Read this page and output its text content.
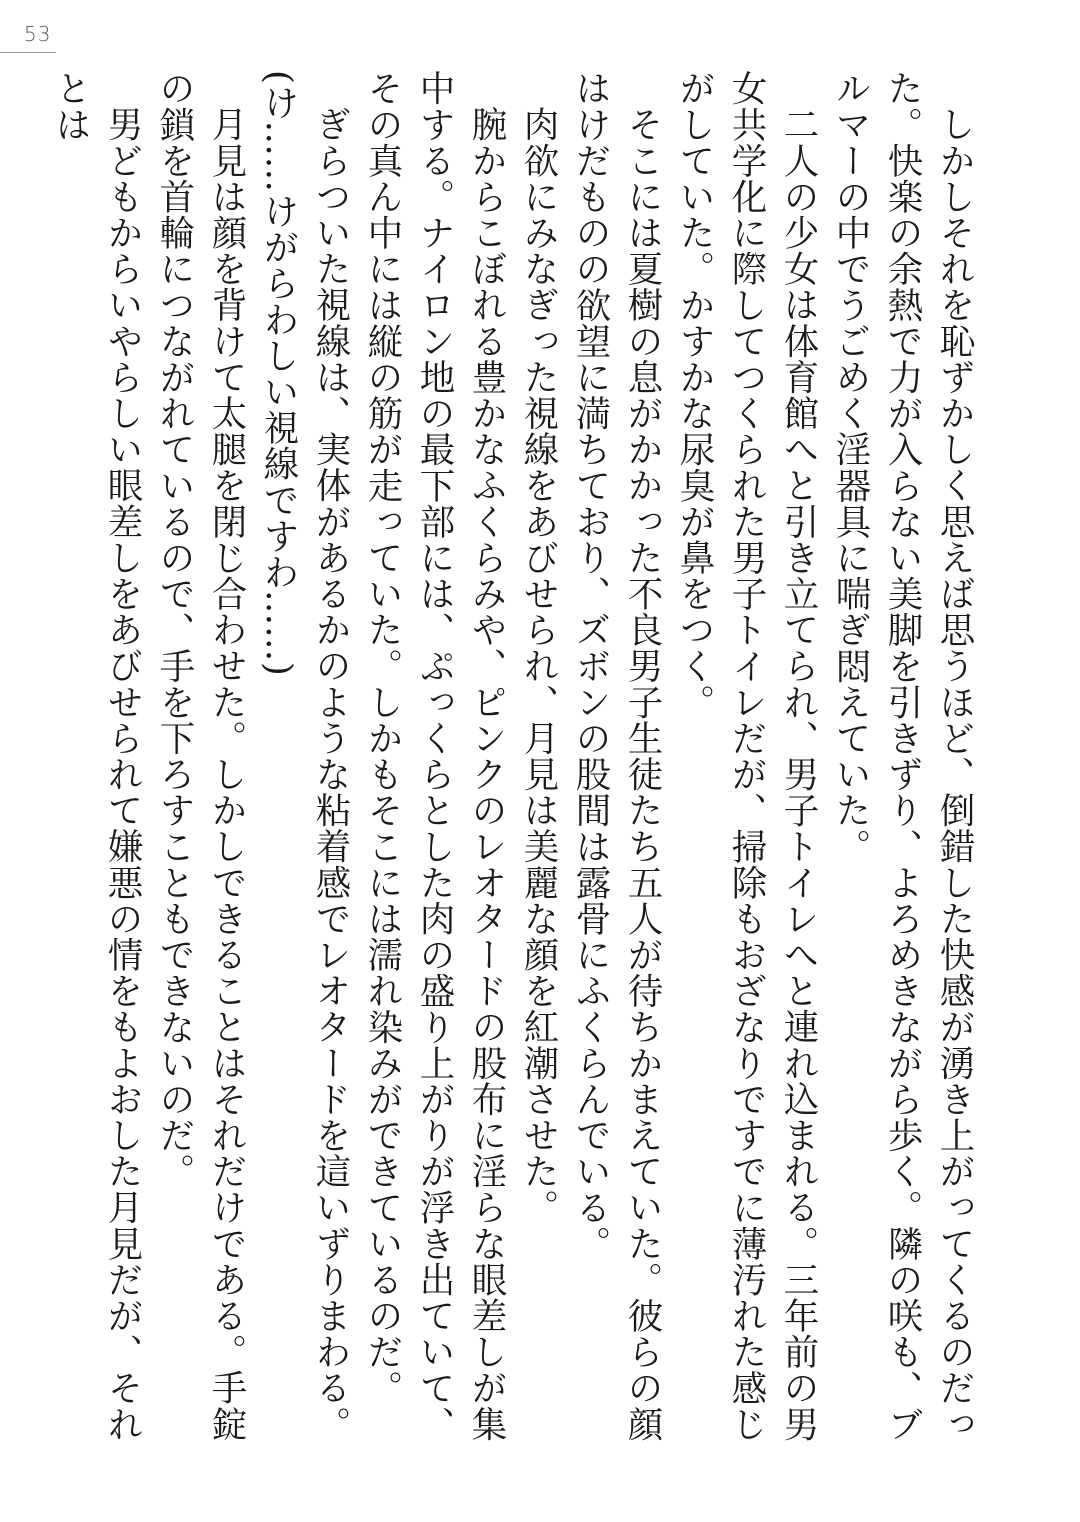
53

しかしそれを恥ずかしく思えば思うほど、倒錯した快感が湧き上がってくるのだった。快楽の余熱で力が入らない美脚を引きずり、よろめきながら歩く。隣の咲も、ブルマーの中でうごめく淫器具に喘ぎ悶えていた。

二人の少女は体育館へと引き立てられ、男子トイレへと連れ込まれる。三年前の男女共学化に際してつくられた男子トイレだが、掃除もおざなりですでに薄汚れた感じがしていた。かすかな尿臭が鼻をつく。

そこには夏樹の息がかかった不良男子生徒たち五人が待ちかまえていた。彼らの顔はけだものの欲望に満ちており、ズボンの股間は露骨にふくらんでいる。

肉欲にみなぎった視線をあびせられ、月見は美麗な顔を紅潮させた。

腕からこぼれる豊かなふくらみや、ピンクのレオタードの股布に淫らな眼差しが集中する。ナイロン地の最下部には、ぷっくらとした肉の盛り上がりが浮き出ていて、その真ん中には縦の筋が走っていた。しかもそこには濡れ染みができているのだ。

ぎらついた視線は、実体があるかのような粘着感でレオタードを這いずりまわる。

(け……けがらわしい視線ですわ……)

月見は顔を背けて太腿を閉じ合わせた。しかしできることはそれだけである。手錠の鎖を首輪につながれているので、手を下ろすこともできないのだ。

男どもからいやらしい眼差しをあびせられて嫌悪の情をもよおした月見だが、それとは
